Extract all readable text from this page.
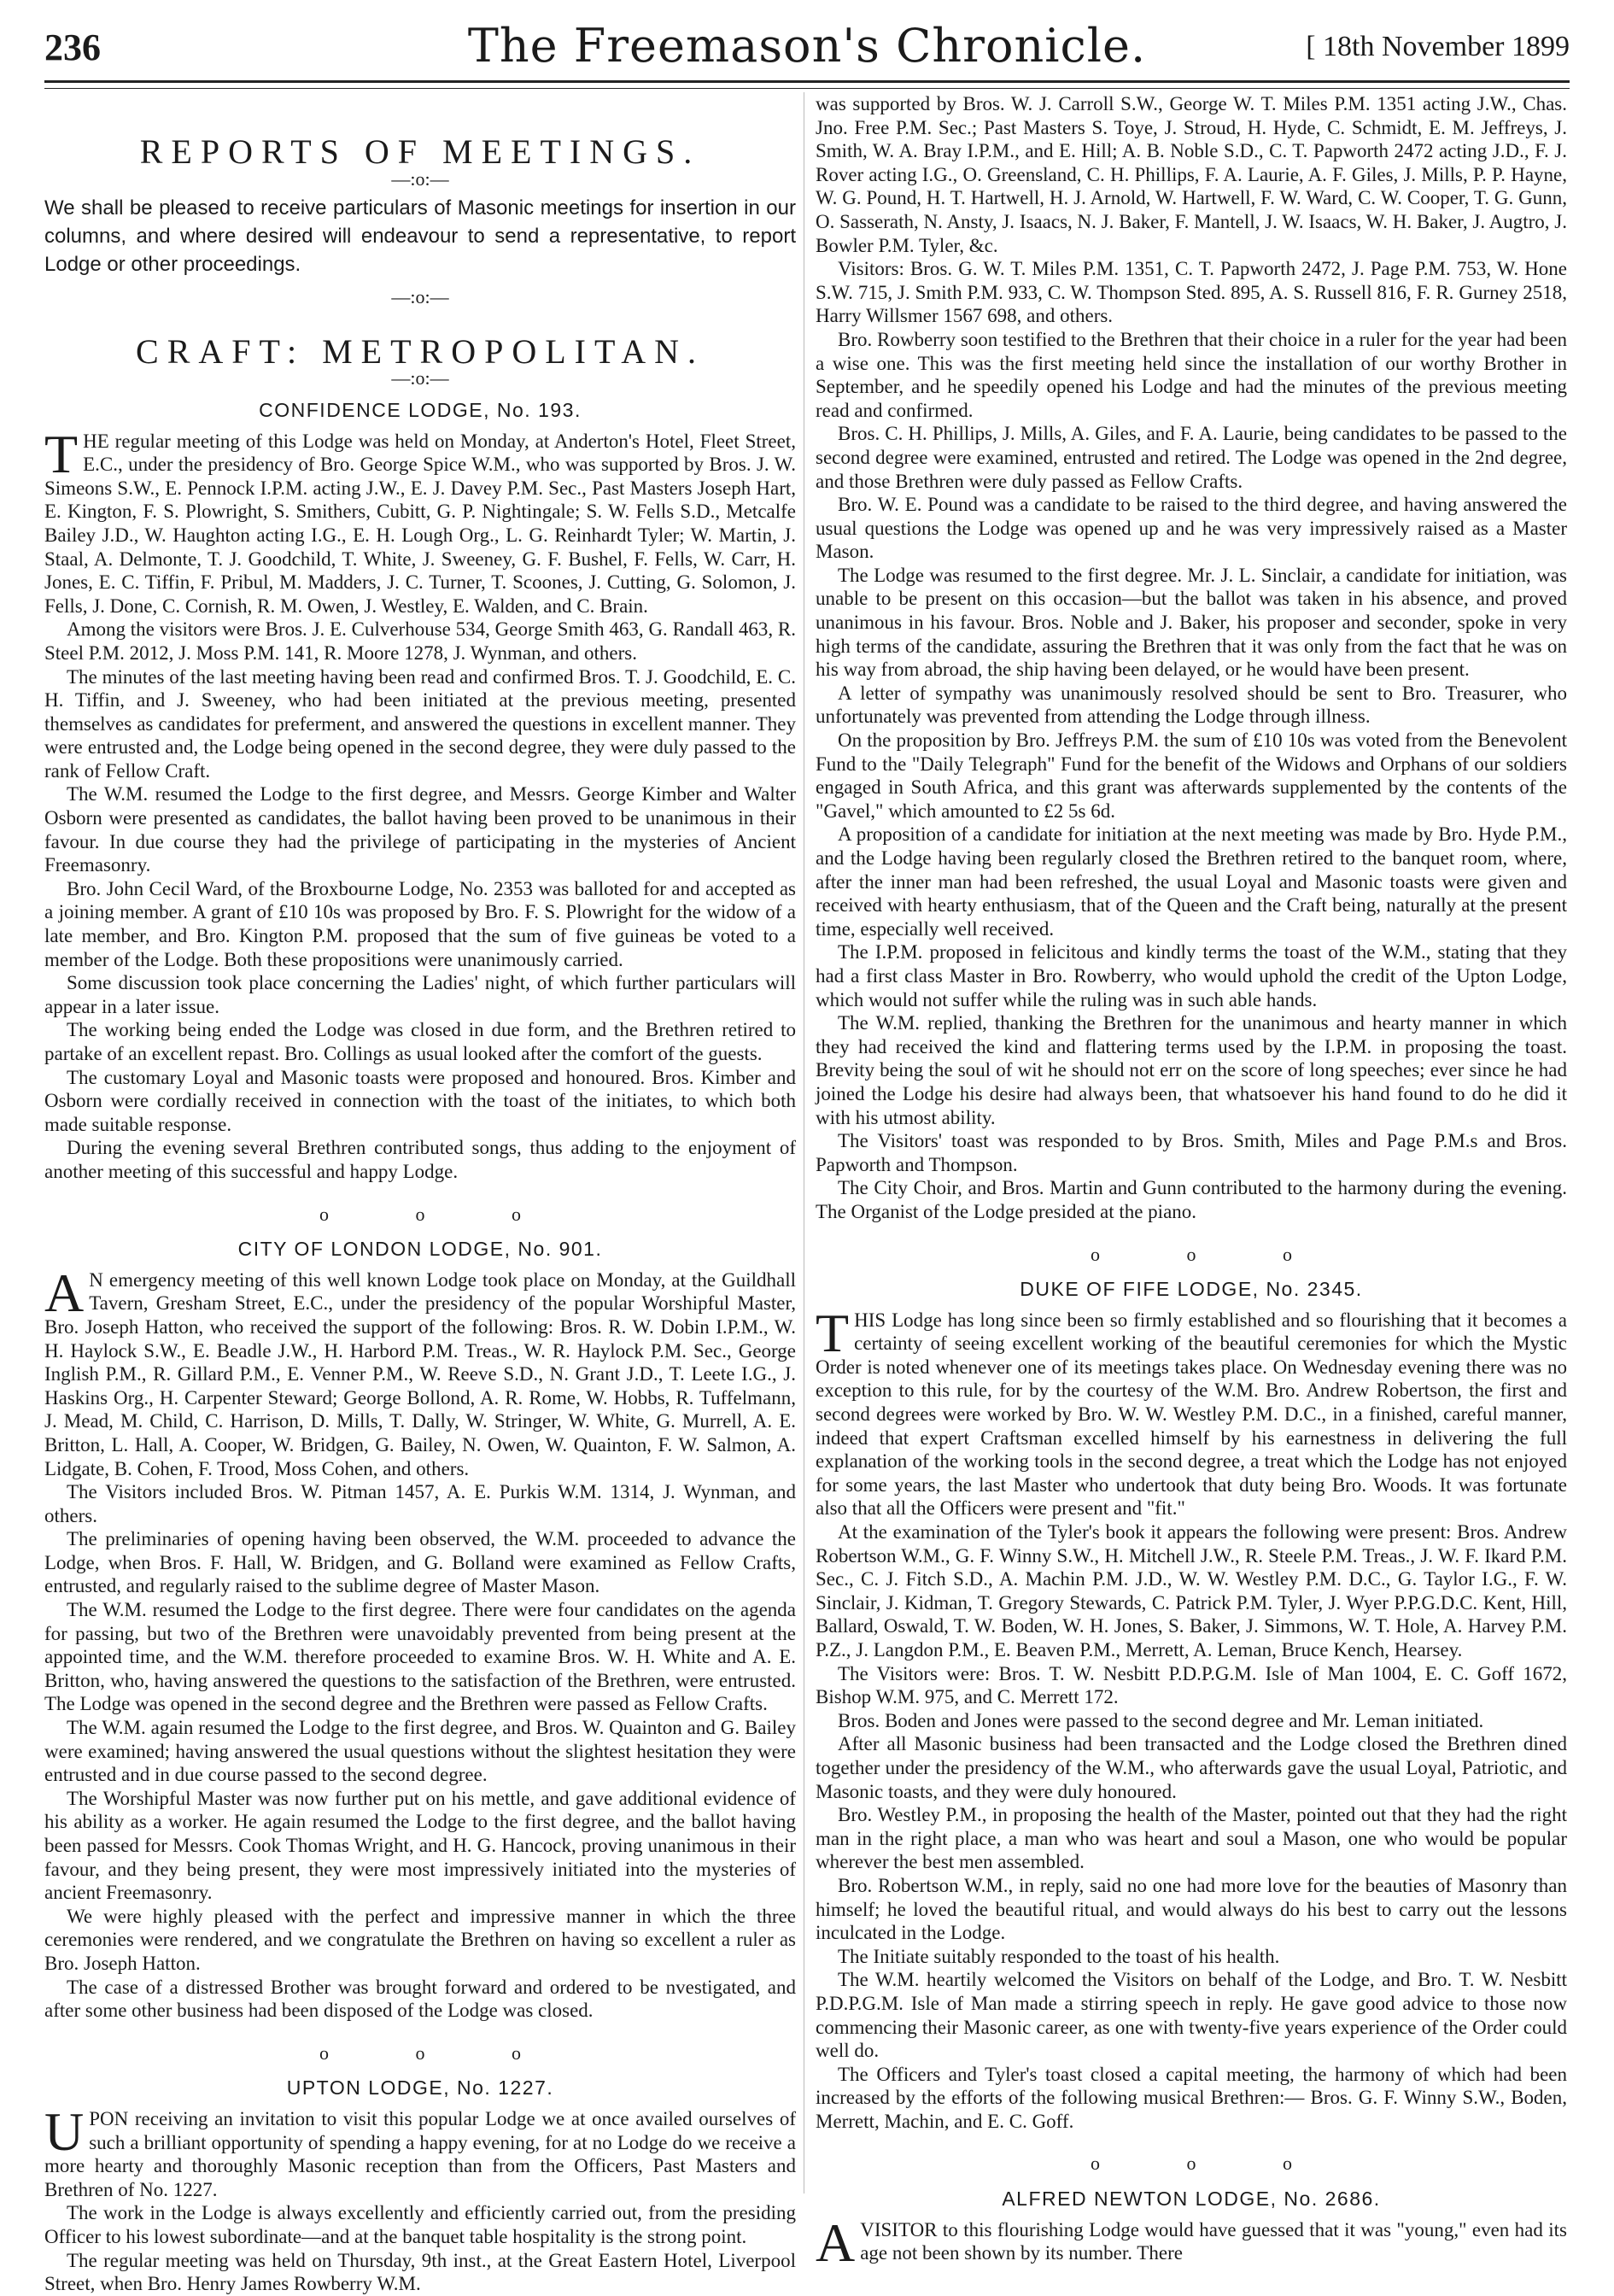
236	The Freemason's Chronicle.	[ 18th November 1899
REPORTS OF MEETINGS.
—:o:—
We shall be pleased to receive particulars of Masonic meetings for insertion in our columns, and where desired will endeavour to send a representative, to report Lodge or other proceedings.
—:o:—
CRAFT: METROPOLITAN.
—:o:—
CONFIDENCE LODGE, No. 193.

THE regular meeting of this Lodge was held on Monday, at Anderton's Hotel, Fleet Street, E.C., under the presidency of Bro. George Spice W.M., who was supported by Bros. J. W. Simeons S.W., E. Pennock I.P.M. acting J.W., E. J. Davey P.M. Sec., Past Masters Joseph Hart, E. Kington, F. S. Plowright, S. Smithers, Cubitt, G. P. Nightingale; S. W. Fells S.D., Metcalfe Bailey J.D., W. Haughton acting I.G., E. H. Lough Org., L. G. Reinhardt Tyler; W. Martin, J. Staal, A. Delmonte, T. J. Goodchild, T. White, J. Sweeney, G. F. Bushel, F. Fells, W. Carr, H. Jones, E. C. Tiffin, F. Pribul, M. Madders, J. C. Turner, T. Scoones, J. Cutting, G. Solomon, J. Fells, J. Done, C. Cornish, R. M. Owen, J. Westley, E. Walden, and C. Brain.

Among the visitors were Bros. J. E. Culverhouse 534, George Smith 463, G. Randall 463, R. Steel P.M. 2012, J. Moss P.M. 141, R. Moore 1278, J. Wynman, and others.

The minutes of the last meeting having been read and confirmed Bros. T. J. Goodchild, E. C. H. Tiffin, and J. Sweeney, who had been initiated at the previous meeting, presented themselves as candidates for preferment, and answered the questions in excellent manner. They were entrusted and, the Lodge being opened in the second degree, they were duly passed to the rank of Fellow Craft.

The W.M. resumed the Lodge to the first degree, and Messrs. George Kimber and Walter Osborn were presented as candidates, the ballot having been proved to be unanimous in their favour. In due course they had the privilege of participating in the mysteries of Ancient Freemasonry.

Bro. John Cecil Ward, of the Broxbourne Lodge, No. 2353 was balloted for and accepted as a joining member. A grant of £10 10s was proposed by Bro. F. S. Plowright for the widow of a late member, and Bro. Kington P.M. proposed that the sum of five guineas be voted to a member of the Lodge. Both these propositions were unanimously carried.

Some discussion took place concerning the Ladies' night, of which further particulars will appear in a later issue.

The working being ended the Lodge was closed in due form, and the Brethren retired to partake of an excellent repast. Bro. Collings as usual looked after the comfort of the guests.

The customary Loyal and Masonic toasts were proposed and honoured. Bros. Kimber and Osborn were cordially received in connection with the toast of the initiates, to which both made suitable response.

During the evening several Brethren contributed songs, thus adding to the enjoyment of another meeting of this successful and happy Lodge.

o o o
CITY OF LONDON LODGE, No. 901.

A N emergency meeting of this well known Lodge took place on Monday, at the Guildhall Tavern, Gresham Street, E.C., under the presidency of the popular Worshipful Master, Bro. Joseph Hatton, who received the support of the following: Bros. R. W. Dobin I.P.M., W. H. Haylock S.W., E. Beadle J.W., H. Harbord P.M. Treas., W. R. Haylock P.M. Sec., George Inglish P.M., R. Gillard P.M., E. Venner P.M., W. Reeve S.D., N. Grant J.D., T. Leete I.G., J. Haskins Org., H. Carpenter Steward; George Bollond, A. R. Rome, W. Hobbs, R. Tuffelmann, J. Mead, M. Child, C. Harrison, D. Mills, T. Dally, W. Stringer, W. White, G. Murrell, A. E. Britton, L. Hall, A. Cooper, W. Bridgen, G. Bailey, N. Owen, W. Quainton, F. W. Salmon, A. Lidgate, B. Cohen, F. Trood, Moss Cohen, and others.

The Visitors included Bros. W. Pitman 1457, A. E. Purkis W.M. 1314, J. Wynman, and others.

The preliminaries of opening having been observed, the W.M. proceeded to advance the Lodge, when Bros. F. Hall, W. Bridgen, and G. Bolland were examined as Fellow Crafts, entrusted, and regularly raised to the sublime degree of Master Mason.

The W.M. resumed the Lodge to the first degree. There were four candidates on the agenda for passing, but two of the Brethren were unavoidably prevented from being present at the appointed time, and the W.M. therefore proceeded to examine Bros. W. H. White and A. E. Britton, who, having answered the questions to the satisfaction of the Brethren, were entrusted. The Lodge was opened in the second degree and the Brethren were passed as Fellow Crafts.

The W.M. again resumed the Lodge to the first degree, and Bros. W. Quainton and G. Bailey were examined; having answered the usual questions without the slightest hesitation they were entrusted and in due course passed to the second degree.

The Worshipful Master was now further put on his mettle, and gave additional evidence of his ability as a worker. He again resumed the Lodge to the first degree, and the ballot having been passed for Messrs. Cook Thomas Wright, and H. G. Hancock, proving unanimous in their favour, and they being present, they were most impressively initiated into the mysteries of ancient Freemasonry.

We were highly pleased with the perfect and impressive manner in which the three ceremonies were rendered, and we congratulate the Brethren on having so excellent a ruler as Bro. Joseph Hatton.

The case of a distressed Brother was brought forward and ordered to be nvestigated, and after some other business had been disposed of the Lodge was closed.

o o o
UPTON LODGE, No. 1227.

UPON receiving an invitation to visit this popular Lodge we at once availed ourselves of such a brilliant opportunity of spending a happy evening, for at no Lodge do we receive a more hearty and thoroughly Masonic reception than from the Officers, Past Masters and Brethren of No. 1227.

The work in the Lodge is always excellently and efficiently carried out, from the presiding Officer to his lowest subordinate—and at the banquet table hospitality is the strong point.

The regular meeting was held on Thursday, 9th inst., at the Great Eastern Hotel, Liverpool Street, when Bro. Henry James Rowberry W.M.

was supported by Bros. W. J. Carroll S.W., George W. T. Miles P.M. 1351 acting J.W., Chas. Jno. Free P.M. Sec.; Past Masters S. Toye, J. Stroud, H. Hyde, C. Schmidt, E. M. Jeffreys, J. Smith, W. A. Bray I.P.M., and E. Hill; A. B. Noble S.D., C. T. Papworth 2472 acting J.D., F. J. Rover acting I.G., O. Greensland, C. H. Phillips, F. A. Laurie, A. F. Giles, J. Mills, P. P. Hayne, W. G. Pound, H. T. Hartwell, H. J. Arnold, W. Hartwell, F. W. Ward, C. W. Cooper, T. G. Gunn, O. Sasserath, N. Ansty, J. Isaacs, N. J. Baker, F. Mantell, J. W. Isaacs, W. H. Baker, J. Augtro, J. Bowler P.M. Tyler, &c.

Visitors: Bros. G. W. T. Miles P.M. 1351, C. T. Papworth 2472, J. Page P.M. 753, W. Hone S.W. 715, J. Smith P.M. 933, C. W. Thompson Sted. 895, A. S. Russell 816, F. R. Gurney 2518, Harry Willsmer 1567 698, and others.

Bro. Rowberry soon testified to the Brethren that their choice in a ruler for the year had been a wise one. This was the first meeting held since the installation of our worthy Brother in September, and he speedily opened his Lodge and had the minutes of the previous meeting read and confirmed.

Bros. C. H. Phillips, J. Mills, A. Giles, and F. A. Laurie, being candidates to be passed to the second degree were examined, entrusted and retired. The Lodge was opened in the 2nd degree, and those Brethren were duly passed as Fellow Crafts.

Bro. W. E. Pound was a candidate to be raised to the third degree, and having answered the usual questions the Lodge was opened up and he was very impressively raised as a Master Mason.

The Lodge was resumed to the first degree. Mr. J. L. Sinclair, a candidate for initiation, was unable to be present on this occasion—but the ballot was taken in his absence, and proved unanimous in his favour. Bros. Noble and J. Baker, his proposer and seconder, spoke in very high terms of the candidate, assuring the Brethren that it was only from the fact that he was on his way from abroad, the ship having been delayed, or he would have been present.

A letter of sympathy was unanimously resolved should be sent to Bro. Treasurer, who unfortunately was prevented from attending the Lodge through illness.

On the proposition by Bro. Jeffreys P.M. the sum of £10 10s was voted from the Benevolent Fund to the "Daily Telegraph" Fund for the benefit of the Widows and Orphans of our soldiers engaged in South Africa, and this grant was afterwards supplemented by the contents of the "Gavel," which amounted to £2 5s 6d.

A proposition of a candidate for initiation at the next meeting was made by Bro. Hyde P.M., and the Lodge having been regularly closed the Brethren retired to the banquet room, where, after the inner man had been refreshed, the usual Loyal and Masonic toasts were given and received with hearty enthusiasm, that of the Queen and the Craft being, naturally at the present time, especially well received.

The I.P.M. proposed in felicitous and kindly terms the toast of the W.M., stating that they had a first class Master in Bro. Rowberry, who would uphold the credit of the Upton Lodge, which would not suffer while the ruling was in such able hands.

The W.M. replied, thanking the Brethren for the unanimous and hearty manner in which they had received the kind and flattering terms used by the I.P.M. in proposing the toast. Brevity being the soul of wit he should not err on the score of long speeches; ever since he had joined the Lodge his desire had always been, that whatsoever his hand found to do he did it with his utmost ability.

The Visitors' toast was responded to by Bros. Smith, Miles and Page P.M.s and Bros. Papworth and Thompson.

The City Choir, and Bros. Martin and Gunn contributed to the harmony during the evening. The Organist of the Lodge presided at the piano.

o o o
DUKE OF FIFE LODGE, No. 2345.

THIS Lodge has long since been so firmly established and so flourishing that it becomes a certainty of seeing excellent working of the beautiful ceremonies for which the Mystic Order is noted whenever one of its meetings takes place. On Wednesday evening there was no exception to this rule, for by the courtesy of the W.M. Bro. Andrew Robertson, the first and second degrees were worked by Bro. W. W. Westley P.M. D.C., in a finished, careful manner, indeed that expert Craftsman excelled himself by his earnestness in delivering the full explanation of the working tools in the second degree, a treat which the Lodge has not enjoyed for some years, the last Master who undertook that duty being Bro. Woods. It was fortunate also that all the Officers were present and "fit."

At the examination of the Tyler's book it appears the following were present: Bros. Andrew Robertson W.M., G. F. Winny S.W., H. Mitchell J.W., R. Steele P.M. Treas., J. W. F. Ikard P.M. Sec., C. J. Fitch S.D., A. Machin P.M. J.D., W. W. Westley P.M. D.C., G. Taylor I.G., F. W. Sinclair, J. Kidman, T. Gregory Stewards, C. Patrick P.M. Tyler, J. Wyer P.P.G.D.C. Kent, Hill, Ballard, Oswald, T. W. Boden, W. H. Jones, S. Baker, J. Simmons, W. T. Hole, A. Harvey P.M. P.Z., J. Langdon P.M., E. Beaven P.M., Merrett, A. Leman, Bruce Kench, Hearsey.

The Visitors were: Bros. T. W. Nesbitt P.D.P.G.M. Isle of Man 1004, E. C. Goff 1672, Bishop W.M. 975, and C. Merrett 172.

Bros. Boden and Jones were passed to the second degree and Mr. Leman initiated.

After all Masonic business had been transacted and the Lodge closed the Brethren dined together under the presidency of the W.M., who afterwards gave the usual Loyal, Patriotic, and Masonic toasts, and they were duly honoured.

Bro. Westley P.M., in proposing the health of the Master, pointed out that they had the right man in the right place, a man who was heart and soul a Mason, one who would be popular wherever the best men assembled.

Bro. Robertson W.M., in reply, said no one had more love for the beauties of Masonry than himself; he loved the beautiful ritual, and would always do his best to carry out the lessons inculcated in the Lodge.

The Initiate suitably responded to the toast of his health.

The W.M. heartily welcomed the Visitors on behalf of the Lodge, and Bro. T. W. Nesbitt P.D.P.G.M. Isle of Man made a stirring speech in reply. He gave good advice to those now commencing their Masonic career, as one with twenty-five years experience of the Order could well do.

The Officers and Tyler's toast closed a capital meeting, the harmony of which had been increased by the efforts of the following musical Brethren:— Bros. G. F. Winny S.W., Boden, Merrett, Machin, and E. C. Goff.

o o o
ALFRED NEWTON LODGE, No. 2686.

AVISITOR to this flourishing Lodge would have guessed that it was "young," even had its age not been shown by its number. There
